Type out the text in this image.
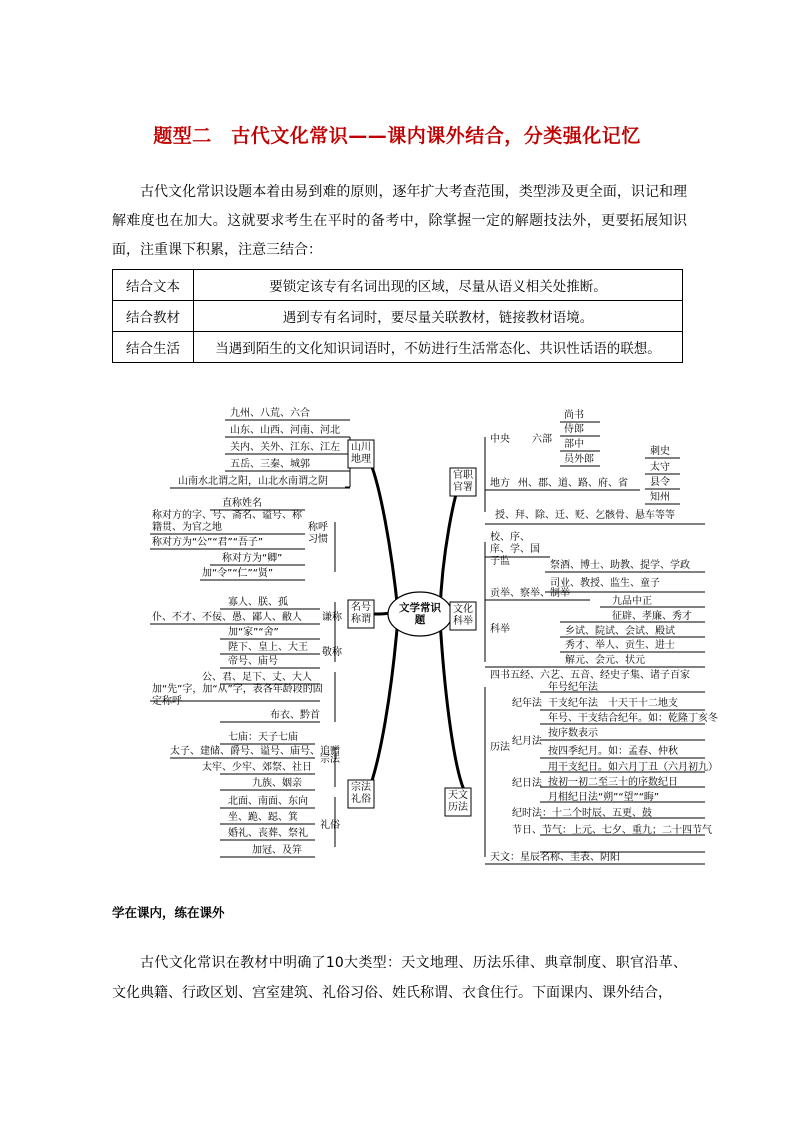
题型二　古代文化常识——课内课外结合，分类强化记忆
古代文化常识设题本着由易到难的原则，逐年扩大考查范围，类型涉及更全面，识记和理解难度也在加大。这就要求考生在平时的备考中，除掌握一定的解题技法外，更要拓展知识面，注重课下积累，注意三结合：
结合文本	要锁定该专有名词出现的区域，尽量从语义相关处推断。
结合教材	遇到专有名词时，要尽量关联教材，链接教材语境。
结合生活	当遇到陌生的文化知识词语时，不妨进行生活常态化、共识性话语的联想。
文学常识题
山川地理
名号称谓
宗法礼俗
官职官署
文化科举
天文历法
九州、八荒、六合
山东、山西、河南、河北
关内、关外、江东、江左
五岳、三秦、城郭
山南水北谓之阳，山北水南谓之阴
直称姓名
称对方的字、号、斋名、谥号、称籍贯、为官之地
称对方为“公”“君”“吾子”
称对方为“卿”
加“令”“仁”“贤”
称呼习惯
寡人、朕、孤
仆、不才、不佞、愚、鄙人、敝人
加“家”“舍”
谦称
陛下、皇上、大王
帝号、庙号
公、君、足下、丈、大人
加“先”字，加“从”字，表各年龄段的固定称呼
布衣、黔首
敬称
七庙：天子七庙
太子、建储、爵号、谥号、庙号、追赠
太牢、少牢、郊祭、社日
九族、姻亲
宗法
北面、南面、东向
坐、跪、跽、箕
婚礼、丧葬、祭礼
加冠、及笄
礼俗
中央 六部
尚书
侍郎
部中
员外郎
地方 州、郡、道、路、府、省
刺史
太守
县令
知州
授、拜、除、迁、贬、乞骸骨、悬车等等
校、序、庠、学、国子监	祭酒、博士、助教、提学、学政
司业、教授、监生、童子
贡举、察举、制举
九品中正
征辟、孝廉、秀才
科举	乡试、院试、会试、殿试
秀才、举人、贡生、进士
解元、会元、状元
四书五经、六艺、五音、经史子集、诸子百家
历法
纪年法
年号纪年法
干支纪年法　十天干十二地支
年号、干支结合纪年。如：乾隆丁亥冬
纪月法
按序数表示
按四季纪月。如：孟春、仲秋
纪日法
用干支纪日。如六月丁丑（六月初九）
按初一初二至三十的序数纪日
月相纪日法“朔”“望”“晦”
纪时法：十二个时辰、五更、鼓
节日、节气：上元、七夕、重九；二十四节气
天文：星辰名称、圭表、阴阳
学在课内，练在课外
古代文化常识在教材中明确了10大类型：天文地理、历法乐律、典章制度、职官沿革、文化典籍、行政区划、宫室建筑、礼俗习俗、姓氏称谓、衣食住行。下面课内、课外结合，
